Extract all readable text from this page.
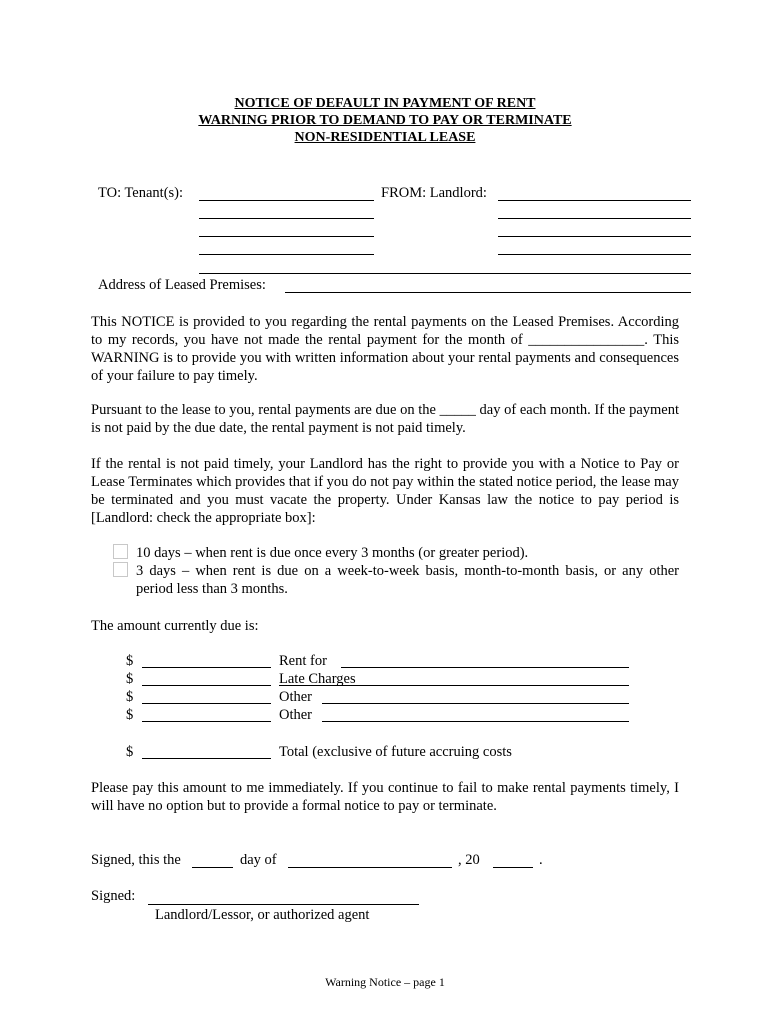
NOTICE OF DEFAULT IN PAYMENT OF RENT
WARNING PRIOR TO DEMAND TO PAY OR TERMINATE
NON-RESIDENTIAL LEASE
TO: Tenant(s):	FROM: Landlord:
Address of Leased Premises:
This NOTICE is provided to you regarding the rental payments on the Leased Premises. According to my records, you have not made the rental payment for the month of ________________. This WARNING is to provide you with written information about your rental payments and consequences of your failure to pay timely.
Pursuant to the lease to you, rental payments are due on the _____ day of each month. If the payment is not paid by the due date, the rental payment is not paid timely.
If the rental is not paid timely, your Landlord has the right to provide you with a Notice to Pay or Lease Terminates which provides that if you do not pay within the stated notice period, the lease may be terminated and you must vacate the property. Under Kansas law the notice to pay period is [Landlord: check the appropriate box]:
10 days – when rent is due once every 3 months (or greater period).
3 days – when rent is due on a week-to-week basis, month-to-month basis, or any other
period less than 3 months.
The amount currently due is:
$	Rent for
$	Late Charges
$	Other
$	Other
$	Total (exclusive of future accruing costs
Please pay this amount to me immediately. If you continue to fail to make rental payments timely, I will have no option but to provide a formal notice to pay or terminate.
Signed, this the	day of	, 20	.
Signed:
Landlord/Lessor, or authorized agent
Warning Notice – page 1
